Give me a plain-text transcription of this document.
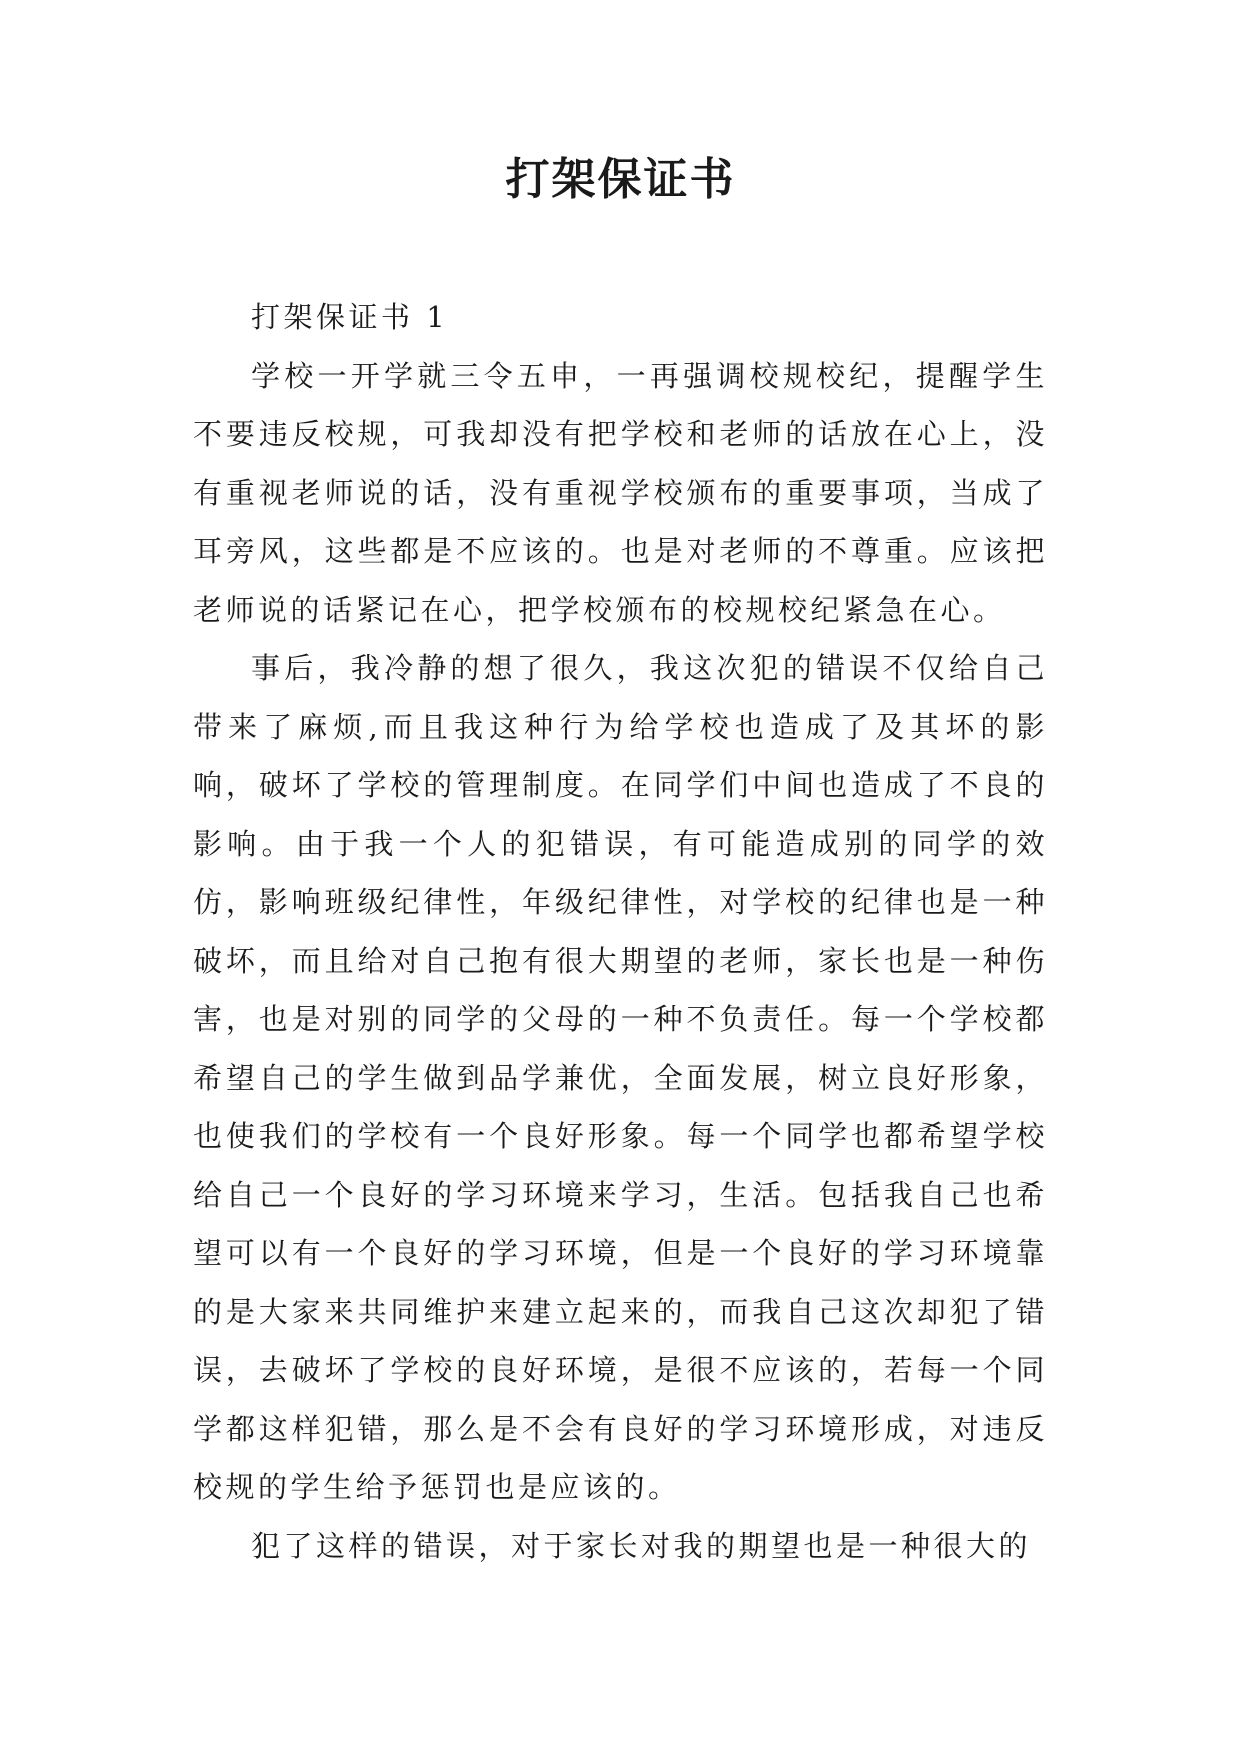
打架保证书

打架保证书 1

学校一开学就三令五申，一再强调校规校纪，提醒学生不要违反校规，可我却没有把学校和老师的话放在心上，没有重视老师说的话，没有重视学校颁布的重要事项，当成了耳旁风，这些都是不应该的。也是对老师的不尊重。应该把老师说的话紧记在心，把学校颁布的校规校纪紧急在心。

事后，我冷静的想了很久，我这次犯的错误不仅给自己带来了麻烦,而且我这种行为给学校也造成了及其坏的影响，破坏了学校的管理制度。在同学们中间也造成了不良的影响。由于我一个人的犯错误，有可能造成别的同学的效仿，影响班级纪律性，年级纪律性，对学校的纪律也是一种破坏，而且给对自己抱有很大期望的老师，家长也是一种伤害，也是对别的同学的父母的一种不负责任。每一个学校都希望自己的学生做到品学兼优，全面发展，树立良好形象，也使我们的学校有一个良好形象。每一个同学也都希望学校给自己一个良好的学习环境来学习，生活。包括我自己也希望可以有一个良好的学习环境，但是一个良好的学习环境靠的是大家来共同维护来建立起来的，而我自己这次却犯了错误，去破坏了学校的良好环境，是很不应该的，若每一个同学都这样犯错，那么是不会有良好的学习环境形成，对违反校规的学生给予惩罚也是应该的。

犯了这样的错误，对于家长对我的期望也是一种很大的
